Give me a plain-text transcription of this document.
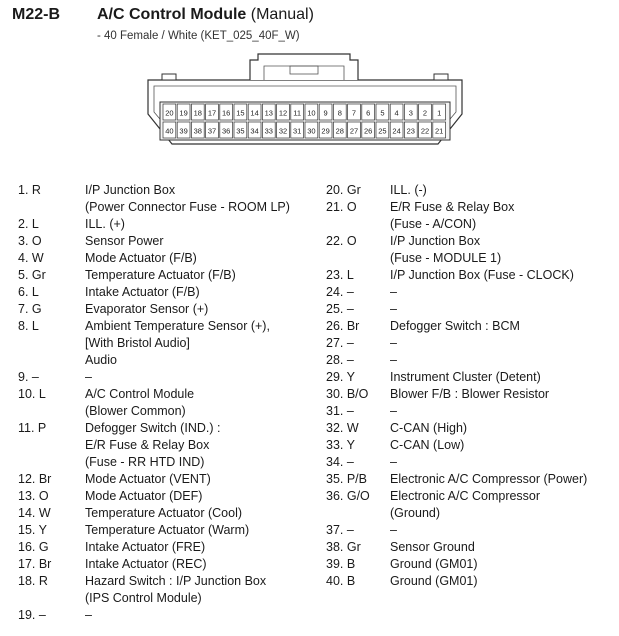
M22-B A/C Control Module (Manual)
- 40 Female / White (KET_025_40F_W)
20 19 18 17 16 15 14 13 12 11 10 9 8 7 6 5 4 3 2 1
40 39 38 37 36 35 34 33 32 31 30 29 28 27 26 25 24 23 22 21
1. R	I/P Junction Box
(Power Connector Fuse - ROOM LP)
2. L	ILL. (+)
3. O	Sensor Power
4. W	Mode Actuator (F/B)
5. Gr	Temperature Actuator (F/B)
6. L	Intake Actuator (F/B)
7. G	Evaporator Sensor (+)
8. L	Ambient Temperature Sensor (+),
[With Bristol Audio]
Audio
9. –	–
10. L	A/C Control Module
(Blower Common)
11. P	Defogger Switch (IND.) :
E/R Fuse & Relay Box
(Fuse - RR HTD IND)
12. Br	Mode Actuator (VENT)
13. O	Mode Actuator (DEF)
14. W	Temperature Actuator (Cool)
15. Y	Temperature Actuator (Warm)
16. G	Intake Actuator (FRE)
17. Br	Intake Actuator (REC)
18. R	Hazard Switch : I/P Junction Box
(IPS Control Module)
19. –	–
20. Gr	ILL. (-)
21. O	E/R Fuse & Relay Box
(Fuse - A/CON)
22. O	I/P Junction Box
(Fuse - MODULE 1)
23. L	I/P Junction Box (Fuse - CLOCK)
24. –	–
25. –	–
26. Br	Defogger Switch : BCM
27. –	–
28. –	–
29. Y	Instrument Cluster (Detent)
30. B/O	Blower F/B : Blower Resistor
31. –	–
32. W	C-CAN (High)
33. Y	C-CAN (Low)
34. –	–
35. P/B	Electronic A/C Compressor (Power)
36. G/O	Electronic A/C Compressor
(Ground)
37. –	–
38. Gr	Sensor Ground
39. B	Ground (GM01)
40. B	Ground (GM01)
